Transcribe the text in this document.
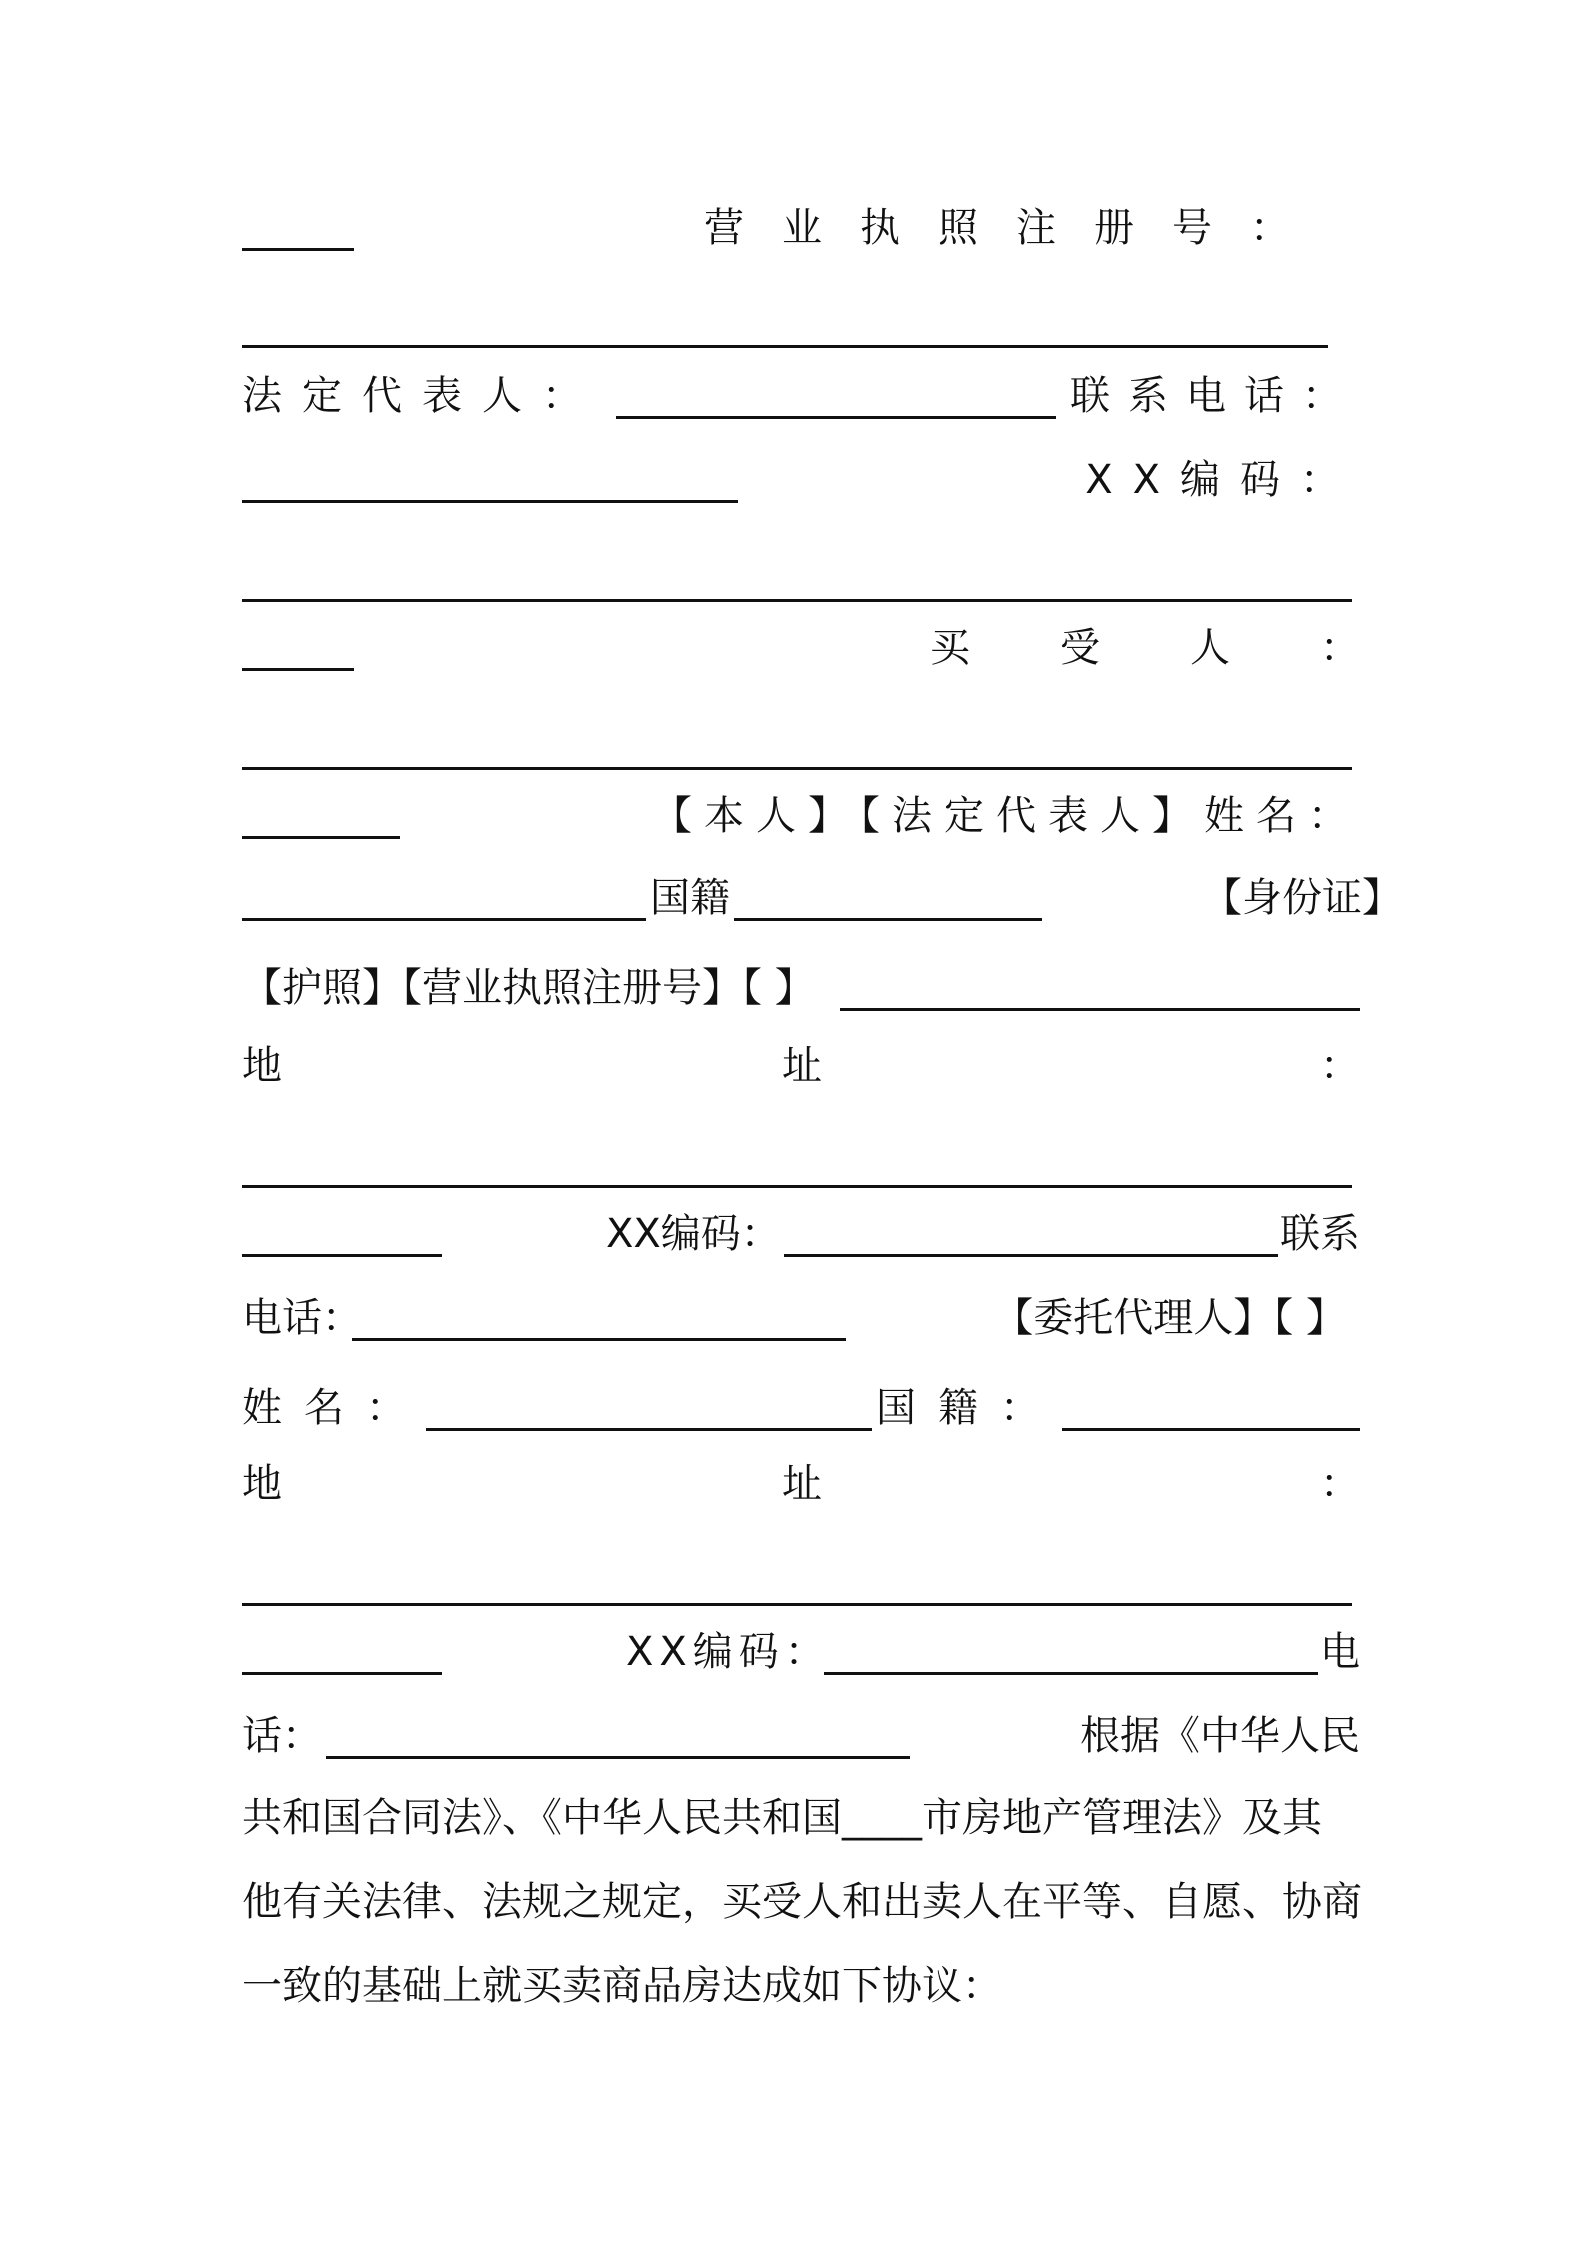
营业执照注册号：
法定代表人：	联系电话：
XX编码：
买受人：
【本人】【法定代表人】姓名：
国籍	【身份证】
【护照】【营业执照注册号】【 】
地	址	：
XX编码：	联系
电话：	【委托代理人】【 】
姓名：	国籍：
地	址	：
XX编码：	电
话：	根据《中华人民
共和国合同法》、《中华人民共和国____市房地产管理法》及其
他有关法律、法规之规定，买受人和出卖人在平等、自愿、协商
一致的基础上就买卖商品房达成如下协议：
